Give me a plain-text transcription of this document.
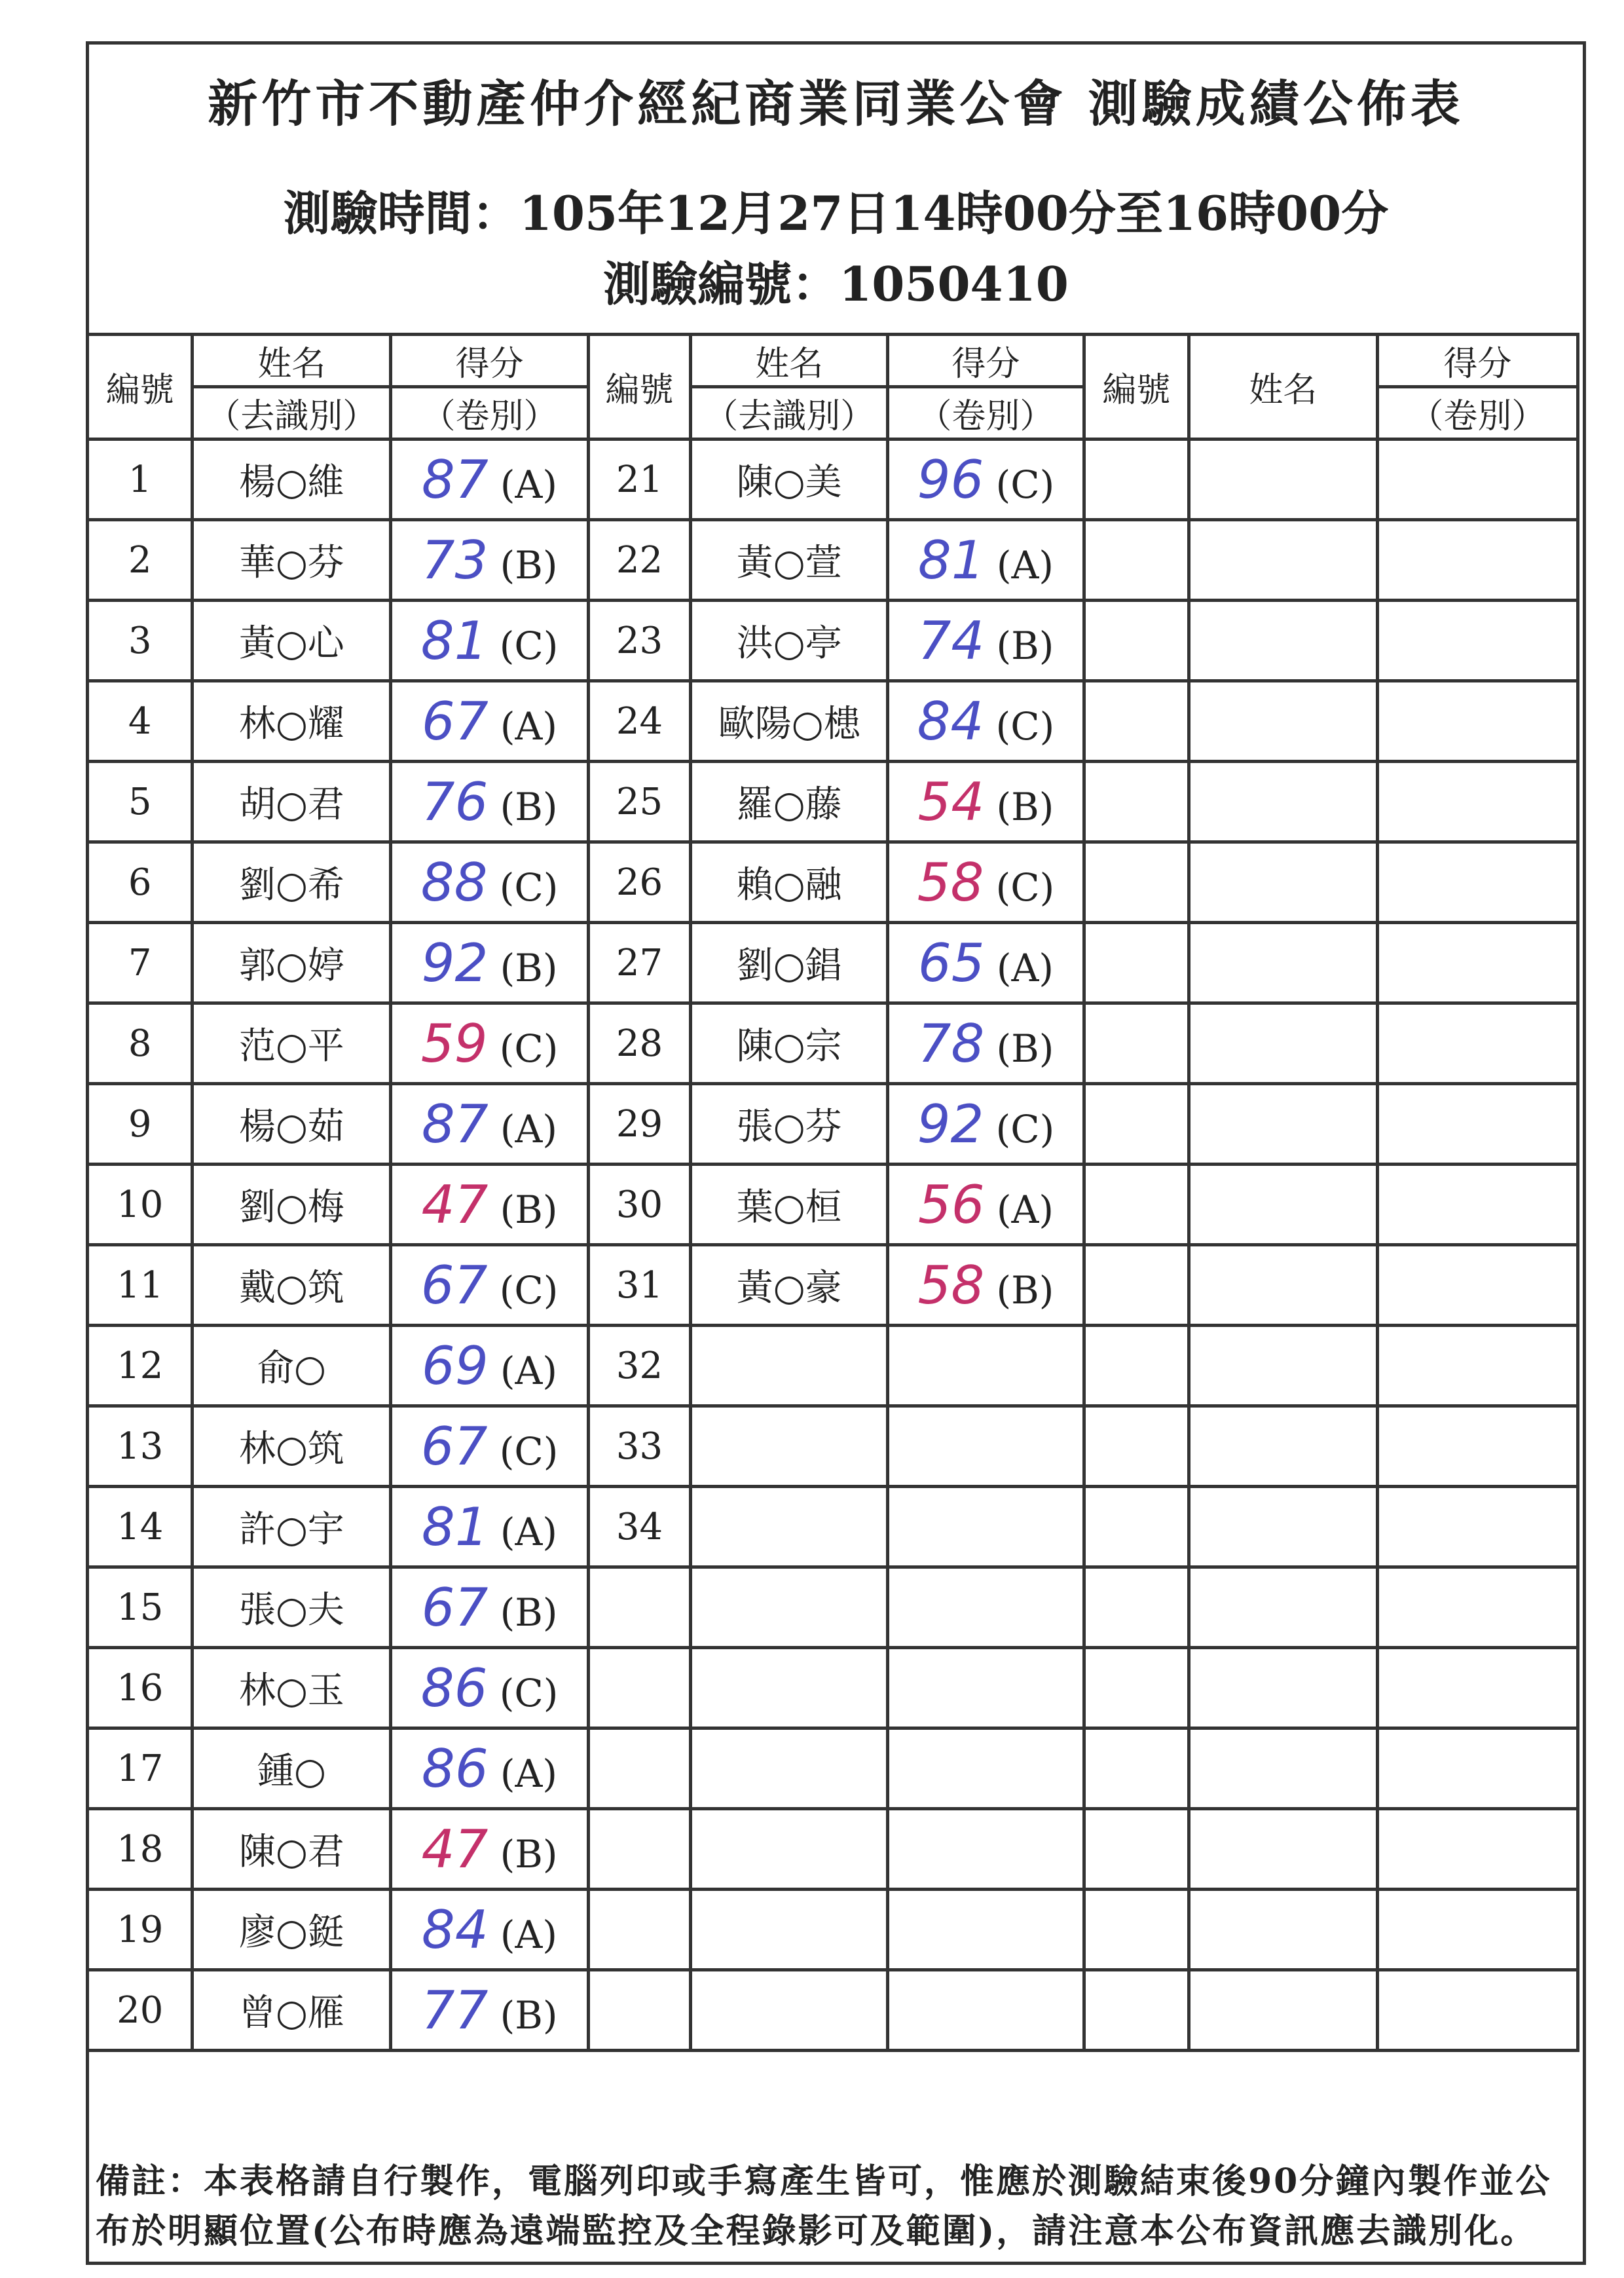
新竹市不動產仲介經紀商業同業公會 測驗成績公佈表
測驗時間：105年12月27日14時00分至16時00分
測驗編號：1050410
編號	姓名	得分	編號	姓名	得分	編號	姓名	得分
	（去識別）	（卷別）		（去識別）	（卷別）			（卷別）
1	楊○維	87 (A)	21	陳○美	96 (C)			
2	華○芬	73 (B)	22	黃○萱	81 (A)			
3	黃○心	81 (C)	23	洪○亭	74 (B)			
4	林○耀	67 (A)	24	歐陽○槵	84 (C)			
5	胡○君	76 (B)	25	羅○藤	54 (B)			
6	劉○希	88 (C)	26	賴○融	58 (C)			
7	郭○婷	92 (B)	27	劉○錩	65 (A)			
8	范○平	59 (C)	28	陳○宗	78 (B)			
9	楊○茹	87 (A)	29	張○芬	92 (C)			
10	劉○梅	47 (B)	30	葉○桓	56 (A)			
11	戴○筑	67 (C)	31	黃○豪	58 (B)			
12	俞○	69 (A)	32					
13	林○筑	67 (C)	33					
14	許○宇	81 (A)	34					
15	張○夫	67 (B)						
16	林○玉	86 (C)						
17	鍾○	86 (A)						
18	陳○君	47 (B)						
19	廖○鋌	84 (A)						
20	曾○雁	77 (B)						
備註：本表格請自行製作，電腦列印或手寫產生皆可，惟應於測驗結束後90分鐘內製作並公布於明顯位置(公布時應為遠端監控及全程錄影可及範圍)，請注意本公布資訊應去識別化。
